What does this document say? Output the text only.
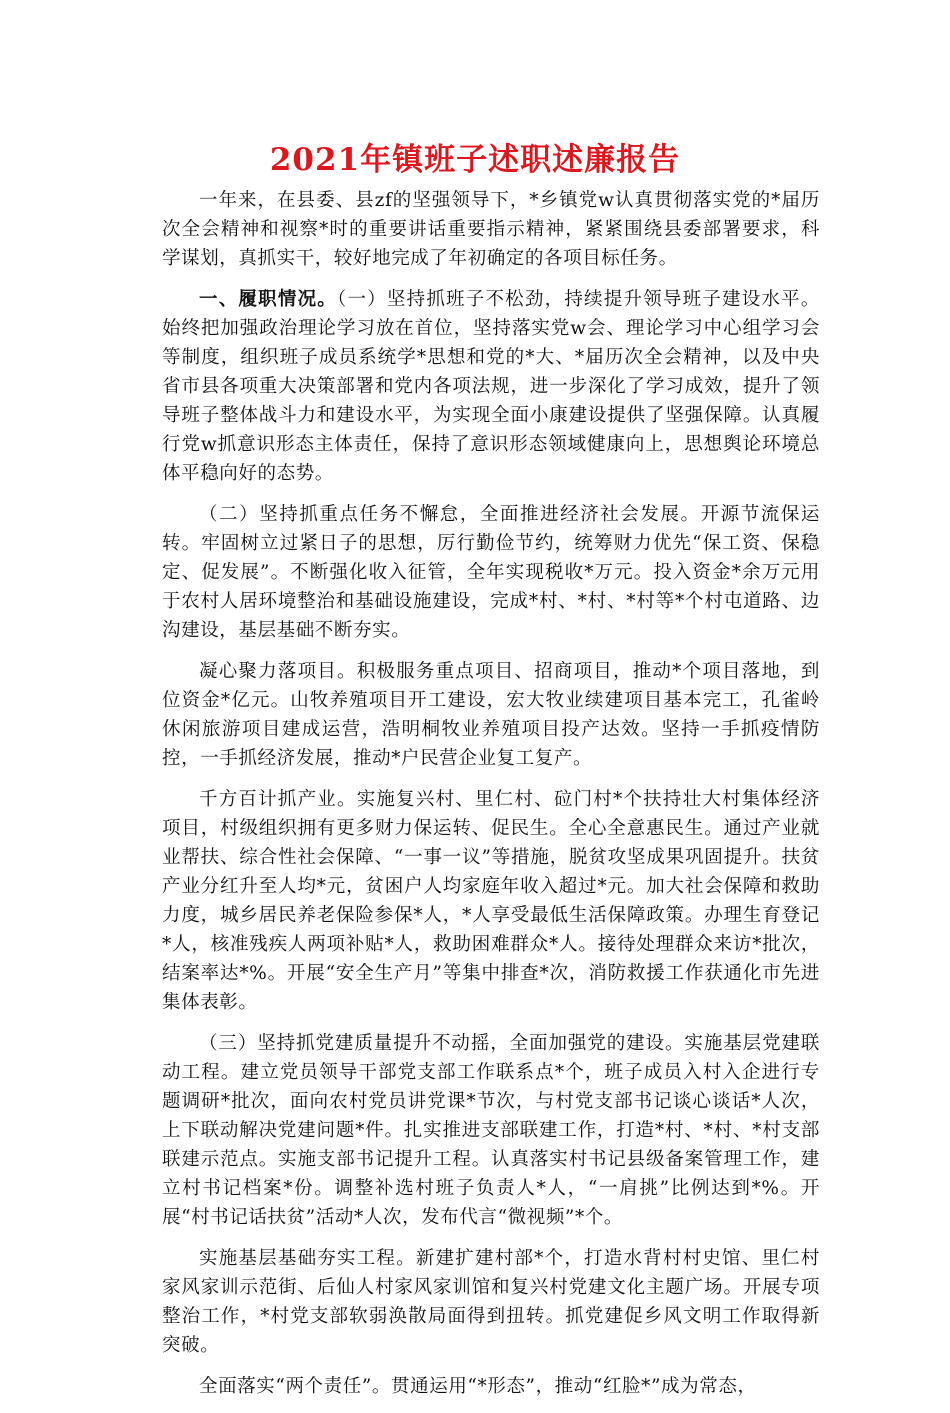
2021年镇班子述职述廉报告

一年来，在县委、县zf的坚强领导下，*乡镇党w认真贯彻落实党的*届历次全会精神和视察*时的重要讲话重要指示精神，紧紧围绕县委部署要求，科学谋划，真抓实干，较好地完成了年初确定的各项目标任务。

一、履职情况。（一）坚持抓班子不松劲，持续提升领导班子建设水平。始终把加强政治理论学习放在首位，坚持落实党w会、理论学习中心组学习会等制度，组织班子成员系统学*思想和党的*大、*届历次全会精神，以及中央省市县各项重大决策部署和党内各项法规，进一步深化了学习成效，提升了领导班子整体战斗力和建设水平，为实现全面小康建设提供了坚强保障。认真履行党w抓意识形态主体责任，保持了意识形态领域健康向上，思想舆论环境总体平稳向好的态势。

（二）坚持抓重点任务不懈怠，全面推进经济社会发展。开源节流保运转。牢固树立过紧日子的思想，厉行勤俭节约，统筹财力优先“保工资、保稳定、促发展”。不断强化收入征管，全年实现税收*万元。投入资金*余万元用于农村人居环境整治和基础设施建设，完成*村、*村、*村等*个村屯道路、边沟建设，基层基础不断夯实。

凝心聚力落项目。积极服务重点项目、招商项目，推动*个项目落地，到位资金*亿元。山牧养殖项目开工建设，宏大牧业续建项目基本完工，孔雀岭休闲旅游项目建成运营，浩明桐牧业养殖项目投产达效。坚持一手抓疫情防控，一手抓经济发展，推动*户民营企业复工复产。

千方百计抓产业。实施复兴村、里仁村、砬门村*个扶持壮大村集体经济项目，村级组织拥有更多财力保运转、促民生。全心全意惠民生。通过产业就业帮扶、综合性社会保障、“一事一议”等措施，脱贫攻坚成果巩固提升。扶贫产业分红升至人均*元，贫困户人均家庭年收入超过*元。加大社会保障和救助力度，城乡居民养老保险参保*人，*人享受最低生活保障政策。办理生育登记*人，核准残疾人两项补贴*人，救助困难群众*人。接待处理群众来访*批次，结案率达*%。开展“安全生产月”等集中排查*次，消防救援工作获通化市先进集体表彰。

（三）坚持抓党建质量提升不动摇，全面加强党的建设。实施基层党建联动工程。建立党员领导干部党支部工作联系点*个，班子成员入村入企进行专题调研*批次，面向农村党员讲党课*节次，与村党支部书记谈心谈话*人次，上下联动解决党建问题*件。扎实推进支部联建工作，打造*村、*村、*村支部联建示范点。实施支部书记提升工程。认真落实村书记县级备案管理工作，建立村书记档案*份。调整补选村班子负责人*人，“一肩挑”比例达到*%。开展“村书记话扶贫”活动*人次，发布代言“微视频”*个。

实施基层基础夯实工程。新建扩建村部*个，打造水背村村史馆、里仁村家风家训示范街、后仙人村家风家训馆和复兴村党建文化主题广场。开展专项整治工作，*村党支部软弱涣散局面得到扭转。抓党建促乡风文明工作取得新突破。

全面落实“两个责任”。贯通运用“*形态”，推动“红脸*”成为常态，
